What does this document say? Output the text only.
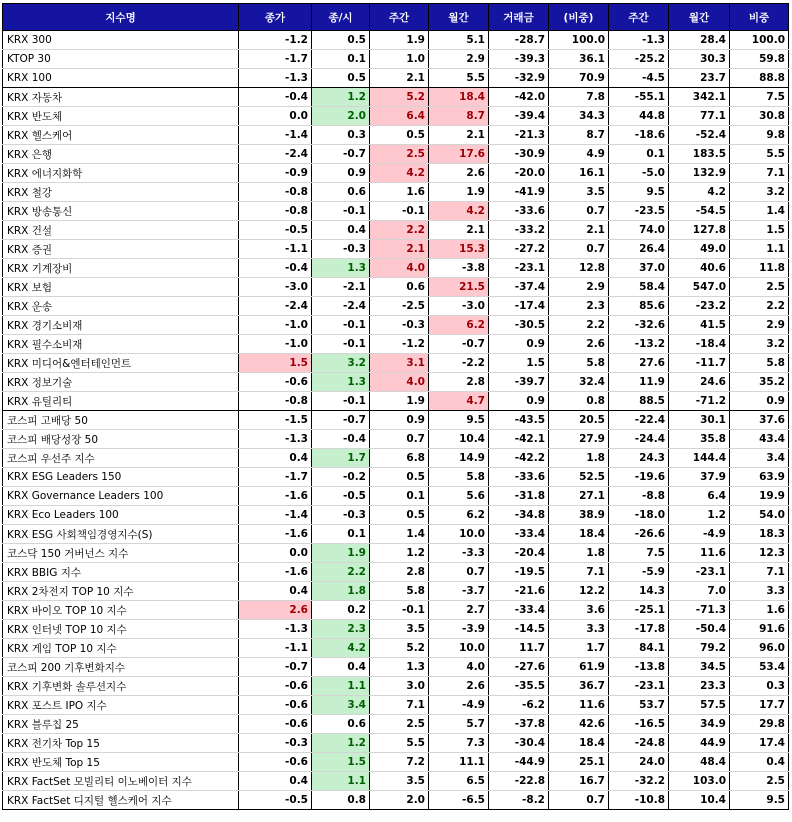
지수명	종가	종/시	주간	월간	거래금	(비중)	주간	월간	비중
KRX 300	-1.2	0.5	1.9	5.1	-28.7	100.0	-1.3	28.4	100.0
KTOP 30	-1.7	0.1	1.0	2.9	-39.3	36.1	-25.2	30.3	59.8
KRX 100	-1.3	0.5	2.1	5.5	-32.9	70.9	-4.5	23.7	88.8
KRX 자동차	-0.4	1.2	5.2	18.4	-42.0	7.8	-55.1	342.1	7.5
KRX 반도체	0.0	2.0	6.4	8.7	-39.4	34.3	44.8	77.1	30.8
KRX 헬스케어	-1.4	0.3	0.5	2.1	-21.3	8.7	-18.6	-52.4	9.8
KRX 은행	-2.4	-0.7	2.5	17.6	-30.9	4.9	0.1	183.5	5.5
KRX 에너지화학	-0.9	0.9	4.2	2.6	-20.0	16.1	-5.0	132.9	7.1
KRX 철강	-0.8	0.6	1.6	1.9	-41.9	3.5	9.5	4.2	3.2
KRX 방송통신	-0.8	-0.1	-0.1	4.2	-33.6	0.7	-23.5	-54.5	1.4
KRX 건설	-0.5	0.4	2.2	2.1	-33.2	2.1	74.0	127.8	1.5
KRX 증권	-1.1	-0.3	2.1	15.3	-27.2	0.7	26.4	49.0	1.1
KRX 기계장비	-0.4	1.3	4.0	-3.8	-23.1	12.8	37.0	40.6	11.8
KRX 보험	-3.0	-2.1	0.6	21.5	-37.4	2.9	58.4	547.0	2.5
KRX 운송	-2.4	-2.4	-2.5	-3.0	-17.4	2.3	85.6	-23.2	2.2
KRX 경기소비재	-1.0	-0.1	-0.3	6.2	-30.5	2.2	-32.6	41.5	2.9
KRX 필수소비재	-1.0	-0.1	-1.2	-0.7	0.9	2.6	-13.2	-18.4	3.2
KRX 미디어&엔터테인먼트	1.5	3.2	3.1	-2.2	1.5	5.8	27.6	-11.7	5.8
KRX 정보기술	-0.6	1.3	4.0	2.8	-39.7	32.4	11.9	24.6	35.2
KRX 유틸리티	-0.8	-0.1	1.9	4.7	0.9	0.8	88.5	-71.2	0.9
코스피 고배당 50	-1.5	-0.7	0.9	9.5	-43.5	20.5	-22.4	30.1	37.6
코스피 배당성장 50	-1.3	-0.4	0.7	10.4	-42.1	27.9	-24.4	35.8	43.4
코스피 우선주 지수	0.4	1.7	6.8	14.9	-42.2	1.8	24.3	144.4	3.4
KRX ESG Leaders 150	-1.7	-0.2	0.5	5.8	-33.6	52.5	-19.6	37.9	63.9
KRX Governance Leaders 100	-1.6	-0.5	0.1	5.6	-31.8	27.1	-8.8	6.4	19.9
KRX Eco Leaders 100	-1.4	-0.3	0.5	6.2	-34.8	38.9	-18.0	1.2	54.0
KRX ESG 사회책임경영지수(S)	-1.6	0.1	1.4	10.0	-33.4	18.4	-26.6	-4.9	18.3
코스닥 150 거버넌스 지수	0.0	1.9	1.2	-3.3	-20.4	1.8	7.5	11.6	12.3
KRX BBIG 지수	-1.6	2.2	2.8	0.7	-19.5	7.1	-5.9	-23.1	7.1
KRX 2차전지 TOP 10 지수	0.4	1.8	5.8	-3.7	-21.6	12.2	14.3	7.0	3.3
KRX 바이오 TOP 10 지수	2.6	0.2	-0.1	2.7	-33.4	3.6	-25.1	-71.3	1.6
KRX 인터넷 TOP 10 지수	-1.3	2.3	3.5	-3.9	-14.5	3.3	-17.8	-50.4	91.6
KRX 게임 TOP 10 지수	-1.1	4.2	5.2	10.0	11.7	1.7	84.1	79.2	96.0
코스피 200 기후변화지수	-0.7	0.4	1.3	4.0	-27.6	61.9	-13.8	34.5	53.4
KRX 기후변화 솔루션지수	-0.6	1.1	3.0	2.6	-35.5	36.7	-23.1	23.3	0.3
KRX 포스트 IPO 지수	-0.6	3.4	7.1	-4.9	-6.2	11.6	53.7	57.5	17.7
KRX 블루칩 25	-0.6	0.6	2.5	5.7	-37.8	42.6	-16.5	34.9	29.8
KRX 전기차 Top 15	-0.3	1.2	5.5	7.3	-30.4	18.4	-24.8	44.9	17.4
KRX 반도체 Top 15	-0.6	1.5	7.2	11.1	-44.9	25.1	24.0	48.4	0.4
KRX FactSet 모빌리티 이노베이터 지수	0.4	1.1	3.5	6.5	-22.8	16.7	-32.2	103.0	2.5
KRX FactSet 디지털 헬스케어 지수	-0.5	0.8	2.0	-6.5	-8.2	0.7	-10.8	10.4	9.5
